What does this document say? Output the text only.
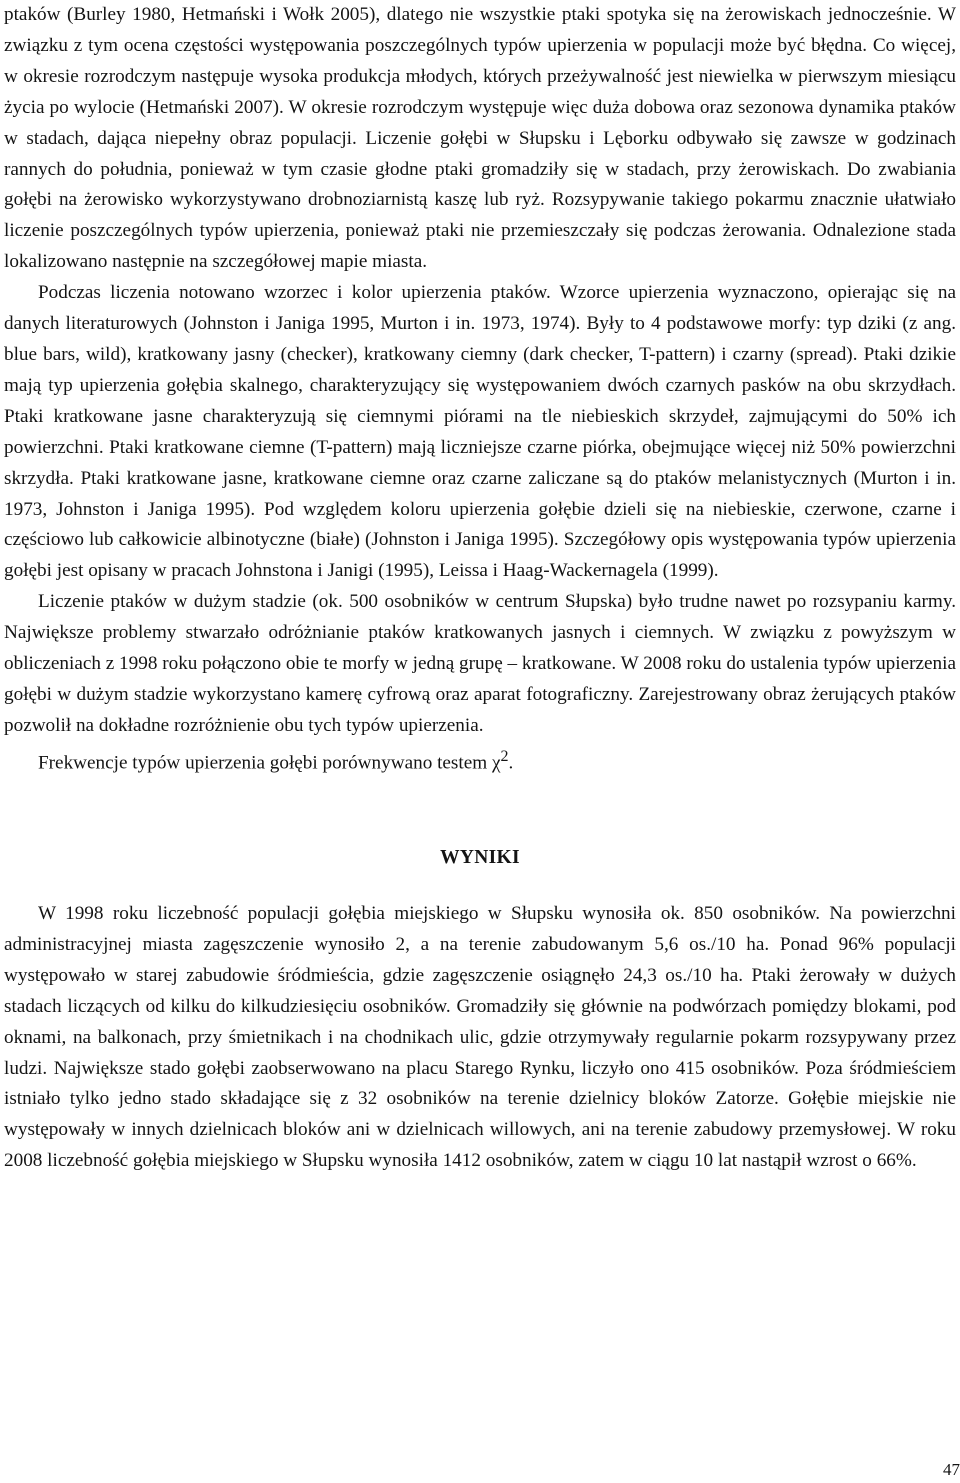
ptaków (Burley 1980, Hetmański i Wołk 2005), dlatego nie wszystkie ptaki spotyka się na żerowiskach jednocześnie. W związku z tym ocena częstości występowania poszczególnych typów upierzenia w populacji może być błędna. Co więcej, w okresie rozrodczym następuje wysoka produkcja młodych, których przeżywalność jest niewielka w pierwszym miesiącu życia po wylocie (Hetmański 2007). W okresie rozrodczym występuje więc duża dobowa oraz sezonowa dynamika ptaków w stadach, dająca niepełny obraz populacji. Liczenie gołębi w Słupsku i Lęborku odbywało się zawsze w godzinach rannych do południa, ponieważ w tym czasie głodne ptaki gromadziły się w stadach, przy żerowiskach. Do zwabiania gołębi na żerowisko wykorzystywano drobnoziarnistą kaszę lub ryż. Rozsypywanie takiego pokarmu znacznie ułatwiało liczenie poszczególnych typów upierzenia, ponieważ ptaki nie przemieszczały się podczas żerowania. Odnalezione stada lokalizowano następnie na szczegółowej mapie miasta.

Podczas liczenia notowano wzorzec i kolor upierzenia ptaków. Wzorce upierzenia wyznaczono, opierając się na danych literaturowych (Johnston i Janiga 1995, Murton i in. 1973, 1974). Były to 4 podstawowe morfy: typ dziki (z ang. blue bars, wild), kratkowany jasny (checker), kratkowany ciemny (dark checker, T-pattern) i czarny (spread). Ptaki dzikie mają typ upierzenia gołębia skalnego, charakteryzujący się występowaniem dwóch czarnych pasków na obu skrzydłach. Ptaki kratkowane jasne charakteryzują się ciemnymi piórami na tle niebieskich skrzydeł, zajmującymi do 50% ich powierzchni. Ptaki kratkowane ciemne (T-pattern) mają liczniejsze czarne piórka, obejmujące więcej niż 50% powierzchni skrzydła. Ptaki kratkowane jasne, kratkowane ciemne oraz czarne zaliczane są do ptaków melanistycznych (Murton i in. 1973, Johnston i Janiga 1995). Pod względem koloru upierzenia gołębie dzieli się na niebieskie, czerwone, czarne i częściowo lub całkowicie albinotyczne (białe) (Johnston i Janiga 1995). Szczegółowy opis występowania typów upierzenia gołębi jest opisany w pracach Johnstona i Janigi (1995), Leissa i Haag-Wackernagela (1999).

Liczenie ptaków w dużym stadzie (ok. 500 osobników w centrum Słupska) było trudne nawet po rozsypaniu karmy. Największe problemy stwarzało odróżnianie ptaków kratkowanych jasnych i ciemnych. W związku z powyższym w obliczeniach z 1998 roku połączono obie te morfy w jedną grupę – kratkowane. W 2008 roku do ustalenia typów upierzenia gołębi w dużym stadzie wykorzystano kamerę cyfrową oraz aparat fotograficzny. Zarejestrowany obraz żerujących ptaków pozwolił na dokładne rozróżnienie obu tych typów upierzenia.

Frekwencje typów upierzenia gołębi porównywano testem $\chi^2$.

WYNIKI

W 1998 roku liczebność populacji gołębia miejskiego w Słupsku wynosiła ok. 850 osobników. Na powierzchni administracyjnej miasta zagęszczenie wynosiło 2, a na terenie zabudowanym 5,6 os./10 ha. Ponad 96% populacji występowało w starej zabudowie śródmieścia, gdzie zagęszczenie osiągnęło 24,3 os./10 ha. Ptaki żerowały w dużych stadach liczących od kilku do kilkudziesięciu osobników. Gromadziły się głównie na podwórzach pomiędzy blokami, pod oknami, na balkonach, przy śmietnikach i na chodnikach ulic, gdzie otrzymywały regularnie pokarm rozsypywany przez ludzi. Największe stado gołębi zaobserwowano na placu Starego Rynku, liczyło ono 415 osobników. Poza śródmieściem istniało tylko jedno stado składające się z 32 osobników na terenie dzielnicy bloków Zatorze. Gołębie miejskie nie występowały w innych dzielnicach bloków ani w dzielnicach willowych, ani na terenie zabudowy przemysłowej. W roku 2008 liczebność gołębia miejskiego w Słupsku wynosiła 1412 osobników, zatem w ciągu 10 lat nastąpił wzrost o 66%.

47
